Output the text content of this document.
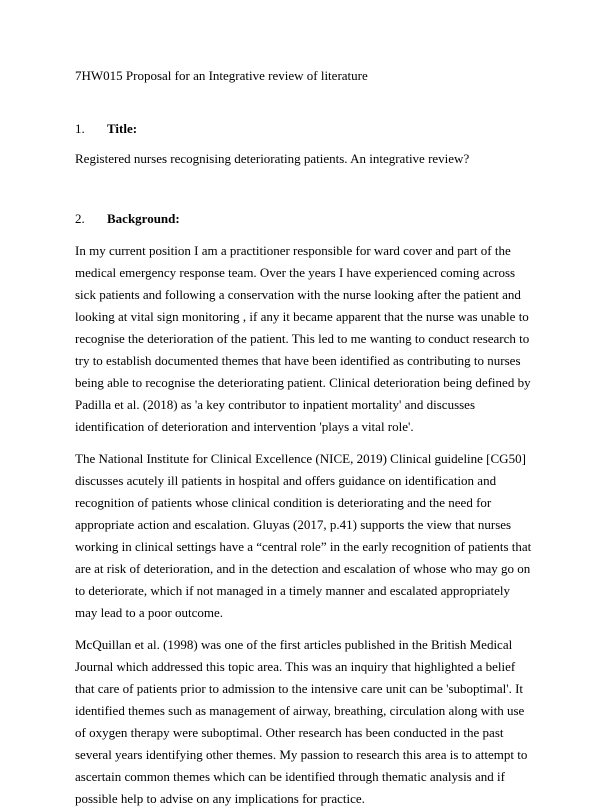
7HW015 Proposal for an Integrative review of literature

1.	Title:

Registered nurses recognising deteriorating patients. An integrative review?

2.	Background:

In my current position I am a practitioner responsible for ward cover and part of the medical emergency response team. Over the years I have experienced coming across sick patients and following a conservation with the nurse looking after the patient and looking at vital sign monitoring , if any it became apparent that the nurse was unable to recognise the deterioration of the patient. This led to me wanting to conduct research to try to establish documented themes that have been identified as contributing to nurses being able to recognise the deteriorating patient. Clinical deterioration being defined by Padilla et al. (2018) as 'a key contributor to inpatient mortality' and discusses identification of deterioration and intervention 'plays a vital role'.

The National Institute for Clinical Excellence (NICE, 2019) Clinical guideline [CG50] discusses acutely ill patients in hospital and offers guidance on identification and recognition of patients whose clinical condition is deteriorating and the need for appropriate action and escalation. Gluyas (2017, p.41) supports the view that nurses working in clinical settings have a “central role” in the early recognition of patients that are at risk of deterioration, and in the detection and escalation of whose who may go on to deteriorate, which if not managed in a timely manner and escalated appropriately may lead to a poor outcome.

McQuillan et al. (1998) was one of the first articles published in the British Medical Journal which addressed this topic area. This was an inquiry that highlighted a belief that care of patients prior to admission to the intensive care unit can be 'suboptimal'. It identified themes such as management of airway, breathing, circulation along with use of oxygen therapy were suboptimal. Other research has been conducted in the past several years identifying other themes. My passion to research this area is to attempt to ascertain common themes which can be identified through thematic analysis and if possible help to advise on any implications for practice.
